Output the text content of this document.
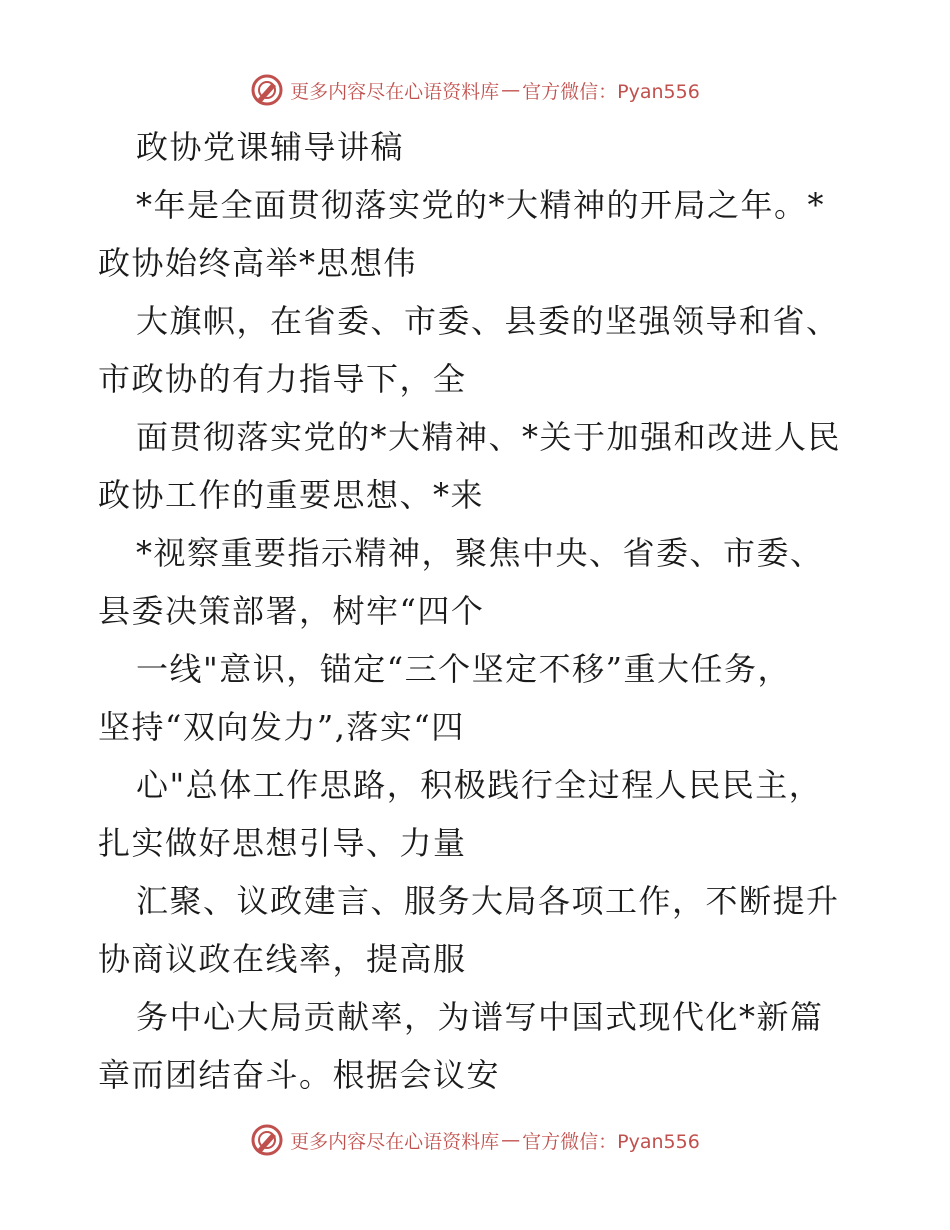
更多内容尽在心语资料库 — 官方微信：Pyan556

政协党课辅导讲稿

*年是全面贯彻落实党的*大精神的开局之年。*
政协始终高举*思想伟

大旗帜，在省委、市委、县委的坚强领导和省、
市政协的有力指导下，全

面贯彻落实党的*大精神、*关于加强和改进人民
政协工作的重要思想、*来

*视察重要指示精神，聚焦中央、省委、市委、
县委决策部署，树牢“四个

一线"意识，锚定“三个坚定不移”重大任务，
坚持“双向发力”,落实“四

心"总体工作思路，积极践行全过程人民民主，
扎实做好思想引导、力量

汇聚、议政建言、服务大局各项工作，不断提升
协商议政在线率，提高服

务中心大局贡献率，为谱写中国式现代化*新篇
章而团结奋斗。根据会议安

更多内容尽在心语资料库 — 官方微信：Pyan556
